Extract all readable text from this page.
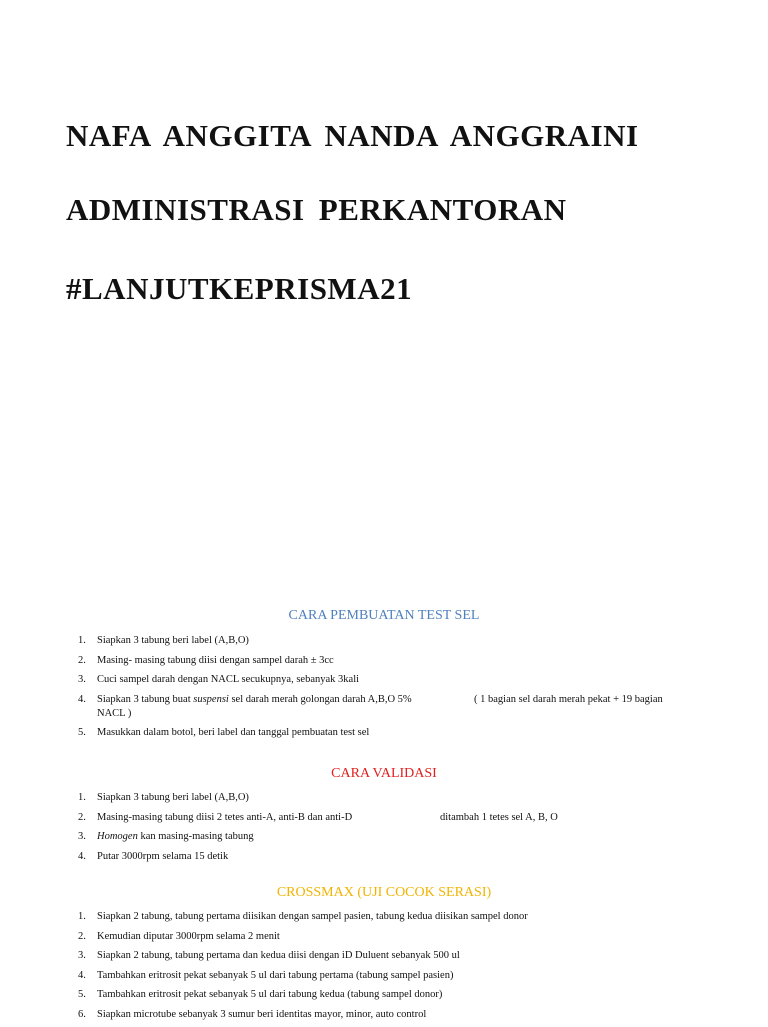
NAFA ANGGITA NANDA ANGGRAINI
ADMINISTRASI PERKANTORAN
#LANJUTKEPRISMA21
CARA PEMBUATAN TEST SEL
1. Siapkan 3 tabung beri label (A,B,O)
2. Masing- masing tabung diisi dengan sampel darah ± 3cc
3. Cuci sampel darah dengan NACL secukupnya, sebanyak 3kali
4. Siapkan 3 tabung buat suspensi sel darah merah golongan darah A,B,O 5%	( 1 bagian sel darah merah pekat + 19 bagian

NACL )
5. Masukkan dalam botol, beri label dan tanggal pembuatan test sel
CARA VALIDASI
1. Siapkan 3 tabung beri label (A,B,O)
2. Masing-masing tabung diisi 2 tetes anti-A, anti-B dan anti-D	ditambah 1 tetes sel A, B, O
3. Homogen kan masing-masing tabung
4. Putar 3000rpm selama 15 detik
CROSSMAX (UJI COCOK SERASI)
1. Siapkan 2 tabung, tabung pertama diisikan dengan sampel pasien, tabung kedua diisikan sampel donor
2. Kemudian diputar 3000rpm selama 2 menit
3. Siapkan 2 tabung, tabung pertama dan kedua diisi dengan iD Duluent sebanyak 500 ul
4. Tambahkan eritrosit pekat sebanyak 5 ul dari tabung pertama (tabung sampel pasien)
5. Tambahkan eritrosit pekat sebanyak 5 ul dari tabung kedua (tabung sampel donor)
6. Siapkan microtube sebanyak 3 sumur beri identitas mayor, minor, auto control
